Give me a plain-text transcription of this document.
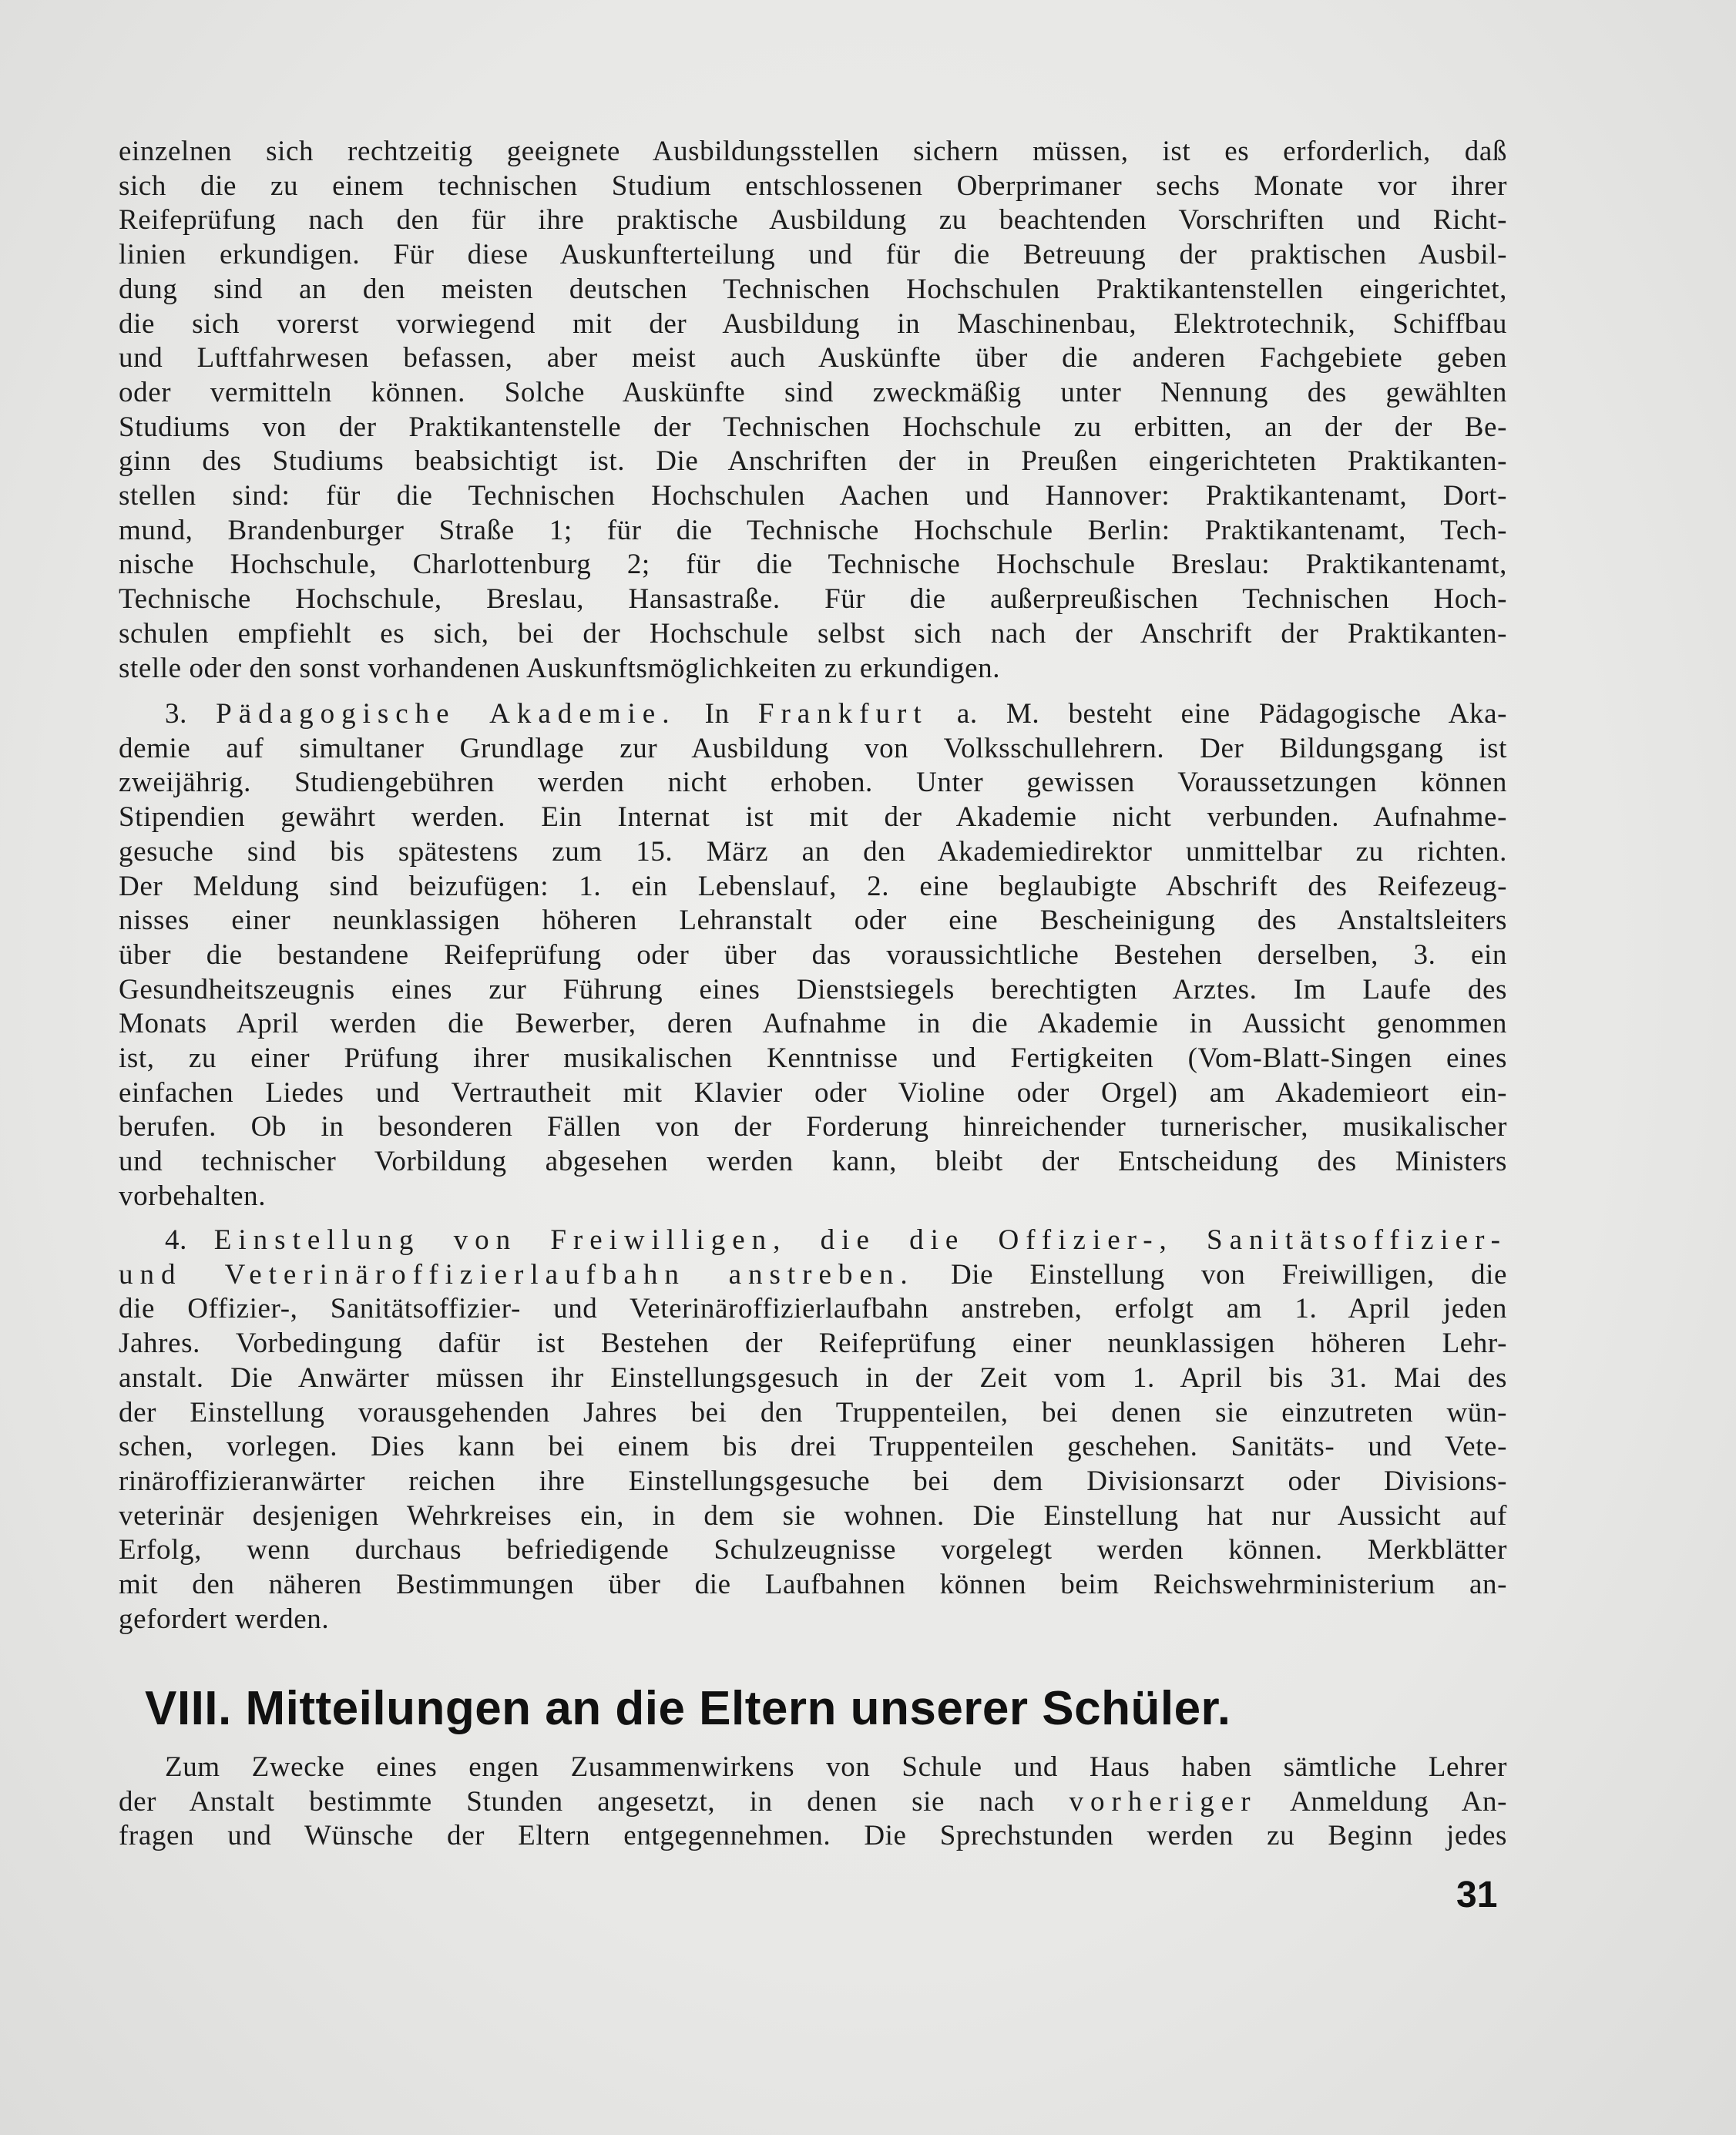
einzelnen sich rechtzeitig geeignete Ausbildungsstellen sichern müssen, ist es erforderlich, daß
sich die zu einem technischen Studium entschlossenen Oberprimaner sechs Monate vor ihrer
Reifeprüfung nach den für ihre praktische Ausbildung zu beachtenden Vorschriften und Richt-
linien erkundigen. Für diese Auskunfterteilung und für die Betreuung der praktischen Ausbil-
dung sind an den meisten deutschen Technischen Hochschulen Praktikantenstellen eingerichtet,
die sich vorerst vorwiegend mit der Ausbildung in Maschinenbau, Elektrotechnik, Schiffbau
und Luftfahrwesen befassen, aber meist auch Auskünfte über die anderen Fachgebiete geben
oder vermitteln können. Solche Auskünfte sind zweckmäßig unter Nennung des gewählten
Studiums von der Praktikantenstelle der Technischen Hochschule zu erbitten, an der der Be-
ginn des Studiums beabsichtigt ist. Die Anschriften der in Preußen eingerichteten Praktikanten-
stellen sind: für die Technischen Hochschulen Aachen und Hannover: Praktikantenamt, Dort-
mund, Brandenburger Straße 1; für die Technische Hochschule Berlin: Praktikantenamt, Tech-
nische Hochschule, Charlottenburg 2; für die Technische Hochschule Breslau: Praktikantenamt,
Technische Hochschule, Breslau, Hansastraße. Für die außerpreußischen Technischen Hoch-
schulen empfiehlt es sich, bei der Hochschule selbst sich nach der Anschrift der Praktikanten-
stelle oder den sonst vorhandenen Auskunftsmöglichkeiten zu erkundigen.
3. Pädagogische Akademie. In Frankfurt a. M. besteht eine Pädagogische Aka-
demie auf simultaner Grundlage zur Ausbildung von Volksschullehrern. Der Bildungsgang ist
zweijährig. Studiengebühren werden nicht erhoben. Unter gewissen Voraussetzungen können
Stipendien gewährt werden. Ein Internat ist mit der Akademie nicht verbunden. Aufnahme-
gesuche sind bis spätestens zum 15. März an den Akademiedirektor unmittelbar zu richten.
Der Meldung sind beizufügen: 1. ein Lebenslauf, 2. eine beglaubigte Abschrift des Reifezeug-
nisses einer neunklassigen höheren Lehranstalt oder eine Bescheinigung des Anstaltsleiters
über die bestandene Reifeprüfung oder über das voraussichtliche Bestehen derselben, 3. ein
Gesundheitszeugnis eines zur Führung eines Dienstsiegels berechtigten Arztes. Im Laufe des
Monats April werden die Bewerber, deren Aufnahme in die Akademie in Aussicht genommen
ist, zu einer Prüfung ihrer musikalischen Kenntnisse und Fertigkeiten (Vom-Blatt-Singen eines
einfachen Liedes und Vertrautheit mit Klavier oder Violine oder Orgel) am Akademieort ein-
berufen. Ob in besonderen Fällen von der Forderung hinreichender turnerischer, musikalischer
und technischer Vorbildung abgesehen werden kann, bleibt der Entscheidung des Ministers
vorbehalten.
4. Einstellung von Freiwilligen, die die Offizier-, Sanitätsoffizier-
und Veterinäroffizierlaufbahn anstreben. Die Einstellung von Freiwilligen, die
die Offizier-, Sanitätsoffizier- und Veterinäroffizierlaufbahn anstreben, erfolgt am 1. April jeden
Jahres. Vorbedingung dafür ist Bestehen der Reifeprüfung einer neunklassigen höheren Lehr-
anstalt. Die Anwärter müssen ihr Einstellungsgesuch in der Zeit vom 1. April bis 31. Mai des
der Einstellung vorausgehenden Jahres bei den Truppenteilen, bei denen sie einzutreten wün-
schen, vorlegen. Dies kann bei einem bis drei Truppenteilen geschehen. Sanitäts- und Vete-
rinäroffizieranwärter reichen ihre Einstellungsgesuche bei dem Divisionsarzt oder Divisions-
veterinär desjenigen Wehrkreises ein, in dem sie wohnen. Die Einstellung hat nur Aussicht auf
Erfolg, wenn durchaus befriedigende Schulzeugnisse vorgelegt werden können. Merkblätter
mit den näheren Bestimmungen über die Laufbahnen können beim Reichswehrministerium an-
gefordert werden.
VIII. Mitteilungen an die Eltern unserer Schüler.
Zum Zwecke eines engen Zusammenwirkens von Schule und Haus haben sämtliche Lehrer
der Anstalt bestimmte Stunden angesetzt, in denen sie nach vorheriger Anmeldung An-
fragen und Wünsche der Eltern entgegennehmen. Die Sprechstunden werden zu Beginn jedes
31
